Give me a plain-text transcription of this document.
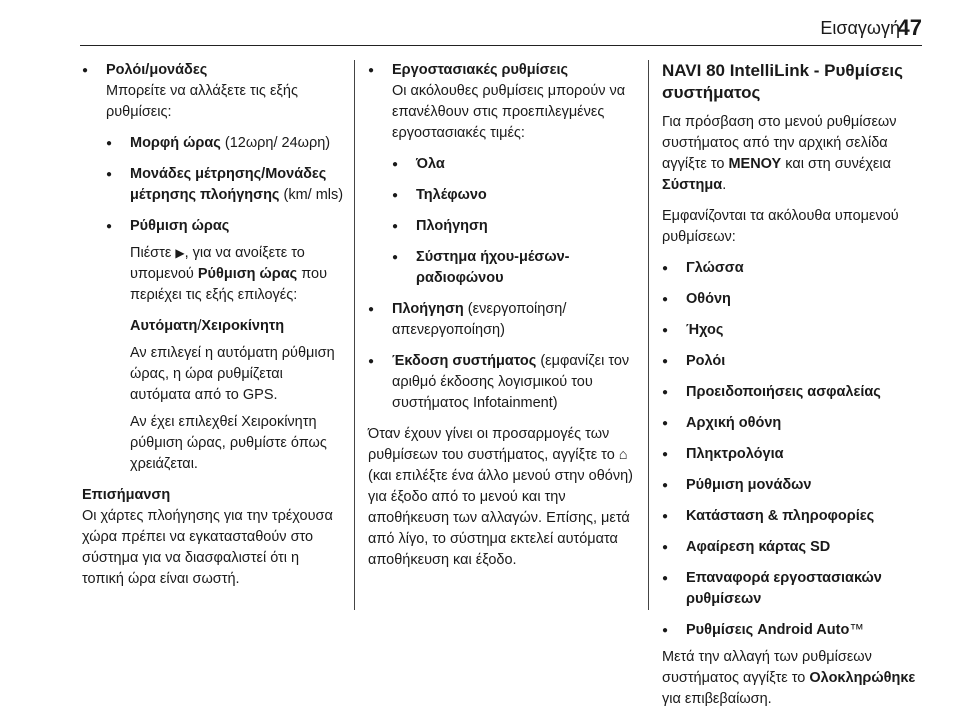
Εισαγωγή
47
● Ρολόι/μονάδες
Μπορείτε να αλλάξετε τις εξής ρυθμίσεις:
● Μορφή ώρας (12ωρη/ 24ωρη)
● Μονάδες μέτρησης/Μονάδες μέτρησης πλοήγησης (km/ mls)
● Ρύθμιση ώρας
Πιέστε ▶, για να ανοίξετε το υπομενού Ρύθμιση ώρας που περιέχει τις εξής επιλογές:
Αυτόματη/Χειροκίνητη
Αν επιλεγεί η αυτόματη ρύθμιση ώρας, η ώρα ρυθμίζεται αυτόματα από το GPS.
Αν έχει επιλεχθεί Χειροκίνητη ρύθμιση ώρας, ρυθμίστε όπως χρειάζεται.
Επισήμανση
Οι χάρτες πλοήγησης για την τρέχουσα χώρα πρέπει να εγκατασταθούν στο σύστημα για να διασφαλιστεί ότι η τοπική ώρα είναι σωστή.
● Εργοστασιακές ρυθμίσεις
Οι ακόλουθες ρυθμίσεις μπορούν να επανέλθουν στις προεπιλεγμένες εργοστασιακές τιμές:
● Όλα
● Τηλέφωνο
● Πλοήγηση
● Σύστημα ήχου-μέσων-ραδιοφώνου
● Πλοήγηση (ενεργοποίηση/ απενεργοποίηση)
● Έκδοση συστήματος (εμφανίζει τον αριθμό έκδοσης λογισμικού του συστήματος Infotainment)
Όταν έχουν γίνει οι προσαρμογές των ρυθμίσεων του συστήματος, αγγίξτε το ⌂ (και επιλέξτε ένα άλλο μενού στην οθόνη) για έξοδο από το μενού και την αποθήκευση των αλλαγών. Επίσης, μετά από λίγο, το σύστημα εκτελεί αυτόματα αποθήκευση και έξοδο.
NAVI 80 IntelliLink - Ρυθμίσεις συστήματος
Για πρόσβαση στο μενού ρυθμίσεων συστήματος από την αρχική σελίδα αγγίξτε το ΜΕΝΟΥ και στη συνέχεια Σύστημα.
Εμφανίζονται τα ακόλουθα υπομενού ρυθμίσεων:
● Γλώσσα
● Οθόνη
● Ήχος
● Ρολόι
● Προειδοποιήσεις ασφαλείας
● Αρχική οθόνη
● Πληκτρολόγια
● Ρύθμιση μονάδων
● Κατάσταση & πληροφορίες
● Αφαίρεση κάρτας SD
● Επαναφορά εργοστασιακών ρυθμίσεων
● Ρυθμίσεις Android Auto™
Μετά την αλλαγή των ρυθμίσεων συστήματος αγγίξτε το Ολοκληρώθηκε για επιβεβαίωση.
